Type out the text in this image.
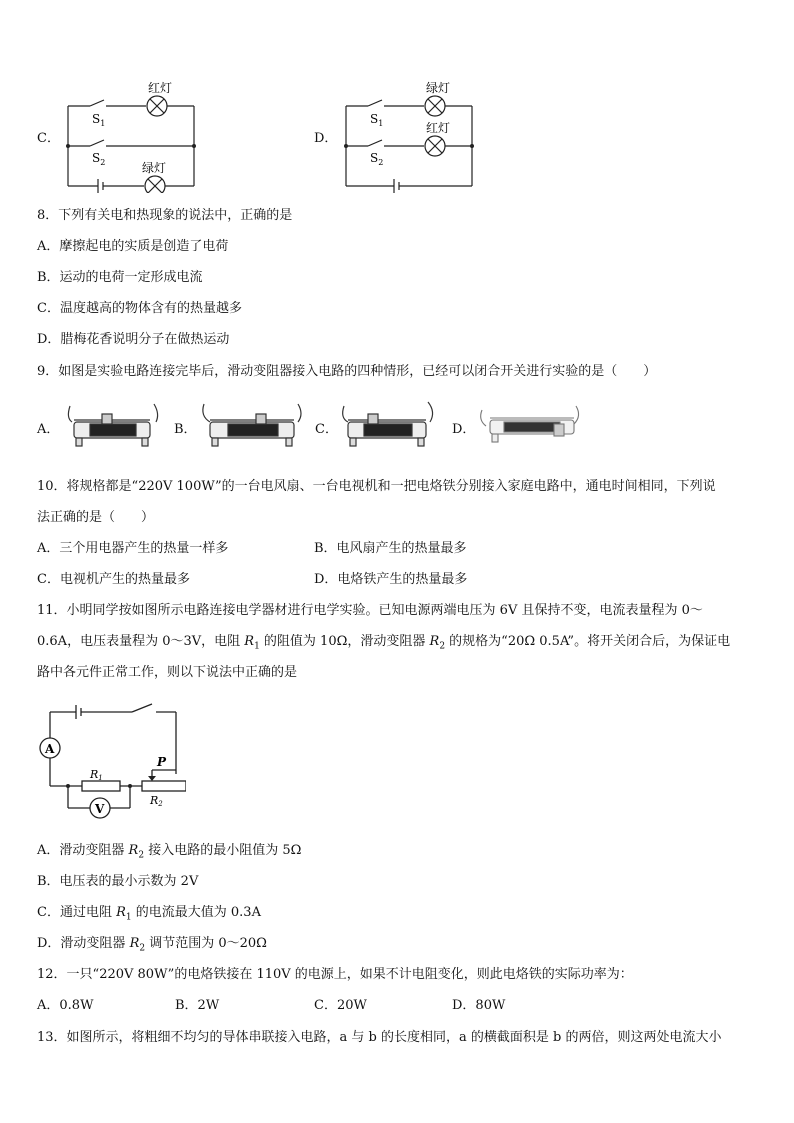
C．
红灯
$S_1$
$S_2$	绿灯
D．
绿灯
$S_1$	红灯
$S_2$
8．下列有关电和热现象的说法中，正确的是
A．摩擦起电的实质是创造了电荷
B．运动的电荷一定形成电流
C．温度越高的物体含有的热量越多
D．腊梅花香说明分子在做热运动
9．如图是实验电路连接完毕后，滑动变阻器接入电路的四种情形，已经可以闭合开关进行实验的是（　　）
A．	B．	C．	D．
10．将规格都是“220V 100W”的一台电风扇、一台电视机和一把电烙铁分别接入家庭电路中，通电时间相同，下列说
法正确的是（　　）
A．三个用电器产生的热量一样多	B．电风扇产生的热量最多
C．电视机产生的热量最多	D．电烙铁产生的热量最多
11．小明同学按如图所示电路连接电学器材进行电学实验。已知电源两端电压为 6V 且保持不变，电流表量程为 0～
0.6A，电压表量程为 0～3V，电阻 $R_1$ 的阻值为 10Ω，滑动变阻器 $R_2$ 的规格为“20Ω 0.5A”。将开关闭合后，为保证电
路中各元件正常工作，则以下说法中正确的是
A
V
R1
R2
P
A．滑动变阻器 $R_2$ 接入电路的最小阻值为 5Ω
B．电压表的最小示数为 2V
C．通过电阻 $R_1$ 的电流最大值为 0.3A
D．滑动变阻器 $R_2$ 调节范围为 0～20Ω
12．一只“220V 80W”的电烙铁接在 110V 的电源上，如果不计电阻变化，则此电烙铁的实际功率为：
A．0.8W	B．2W	C．20W	D．80W
13．如图所示，将粗细不均匀的导体串联接入电路，a 与 b 的长度相同，a 的横截面积是 b 的两倍，则这两处电流大小
